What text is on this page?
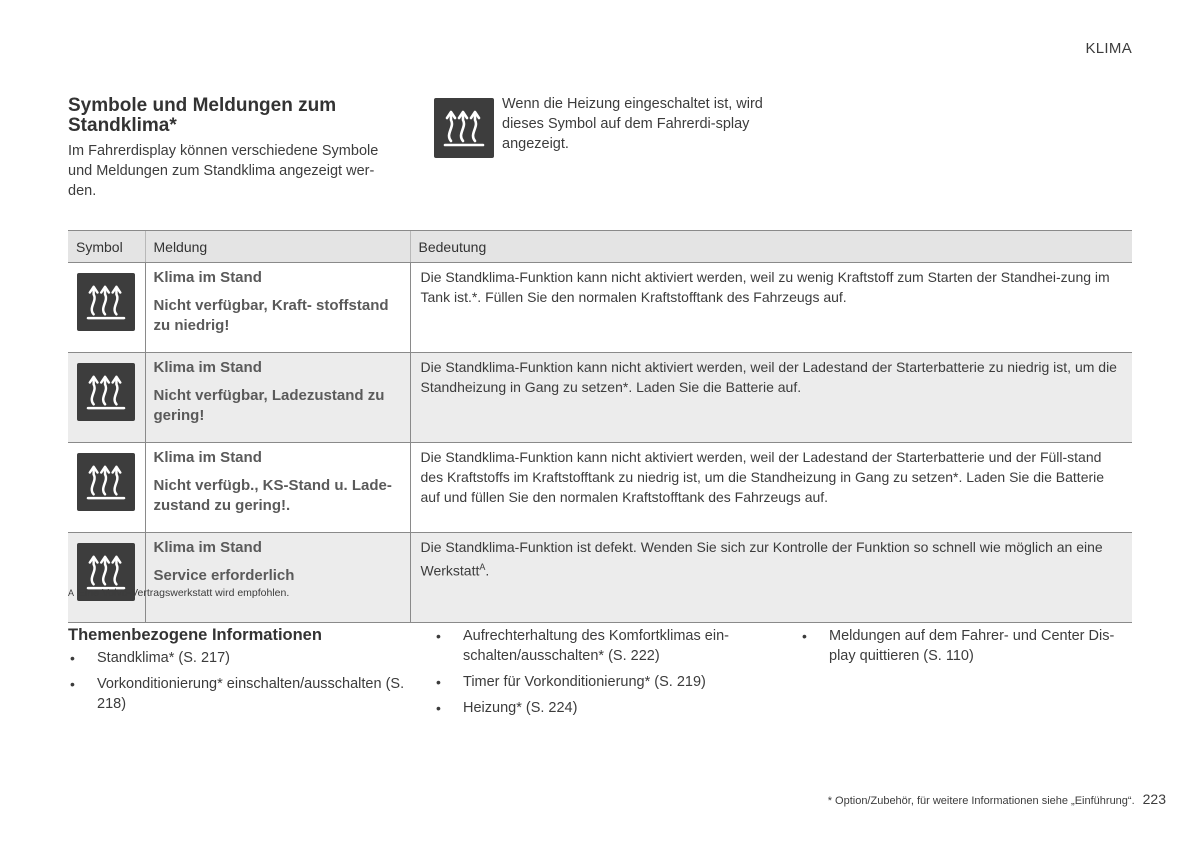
KLIMA
Symbole und Meldungen zum Standklima*
Im Fahrerdisplay können verschiedene Symbole und Meldungen zum Standklima angezeigt wer-den.
Wenn die Heizung eingeschaltet ist, wird dieses Symbol auf dem Fahrerdi-splay angezeigt.
Symbol	Meldung	Bedeutung

Klima im Stand
Nicht verfügbar, Kraft- stoffstand zu niedrig!	Die Standklima-Funktion kann nicht aktiviert werden, weil zu wenig Kraftstoff zum Starten der Standhei-zung im Tank ist.*. Füllen Sie den normalen Kraftstofftank des Fahrzeugs auf.

Klima im Stand
Nicht verfügbar, Ladezustand zu gering!	Die Standklima-Funktion kann nicht aktiviert werden, weil der Ladestand der Starterbatterie zu niedrig ist, um die Standheizung in Gang zu setzen*. Laden Sie die Batterie auf.

Klima im Stand
Nicht verfügb., KS-Stand u. Lade-zustand zu gering!.	Die Standklima-Funktion kann nicht aktiviert werden, weil der Ladestand der Starterbatterie und der Füll-stand des Kraftstoffs im Kraftstofftank zu niedrig ist, um die Standheizung in Gang zu setzen*. Laden Sie die Batterie auf und füllen Sie den normalen Kraftstofftank des Fahrzeugs auf.

Klima im Stand
Service erforderlich	Die Standklima-Funktion ist defekt. Wenden Sie sich zur Kontrolle der Funktion so schnell wie möglich an eine Werkstatt$^A$.
A Eine Volvo-Vertragswerkstatt wird empfohlen.
Themenbezogene Informationen
• Standklima* (S. 217)
• Vorkonditionierung* einschalten/ausschalten (S. 218)
• Aufrechterhaltung des Komfortklimas ein-schalten/ausschalten* (S. 222)
• Timer für Vorkonditionierung* (S. 219)
• Heizung* (S. 224)
• Meldungen auf dem Fahrer- und Center Dis-play quittieren (S. 110)
* Option/Zubehör, für weitere Informationen siehe „Einführung“. 223
